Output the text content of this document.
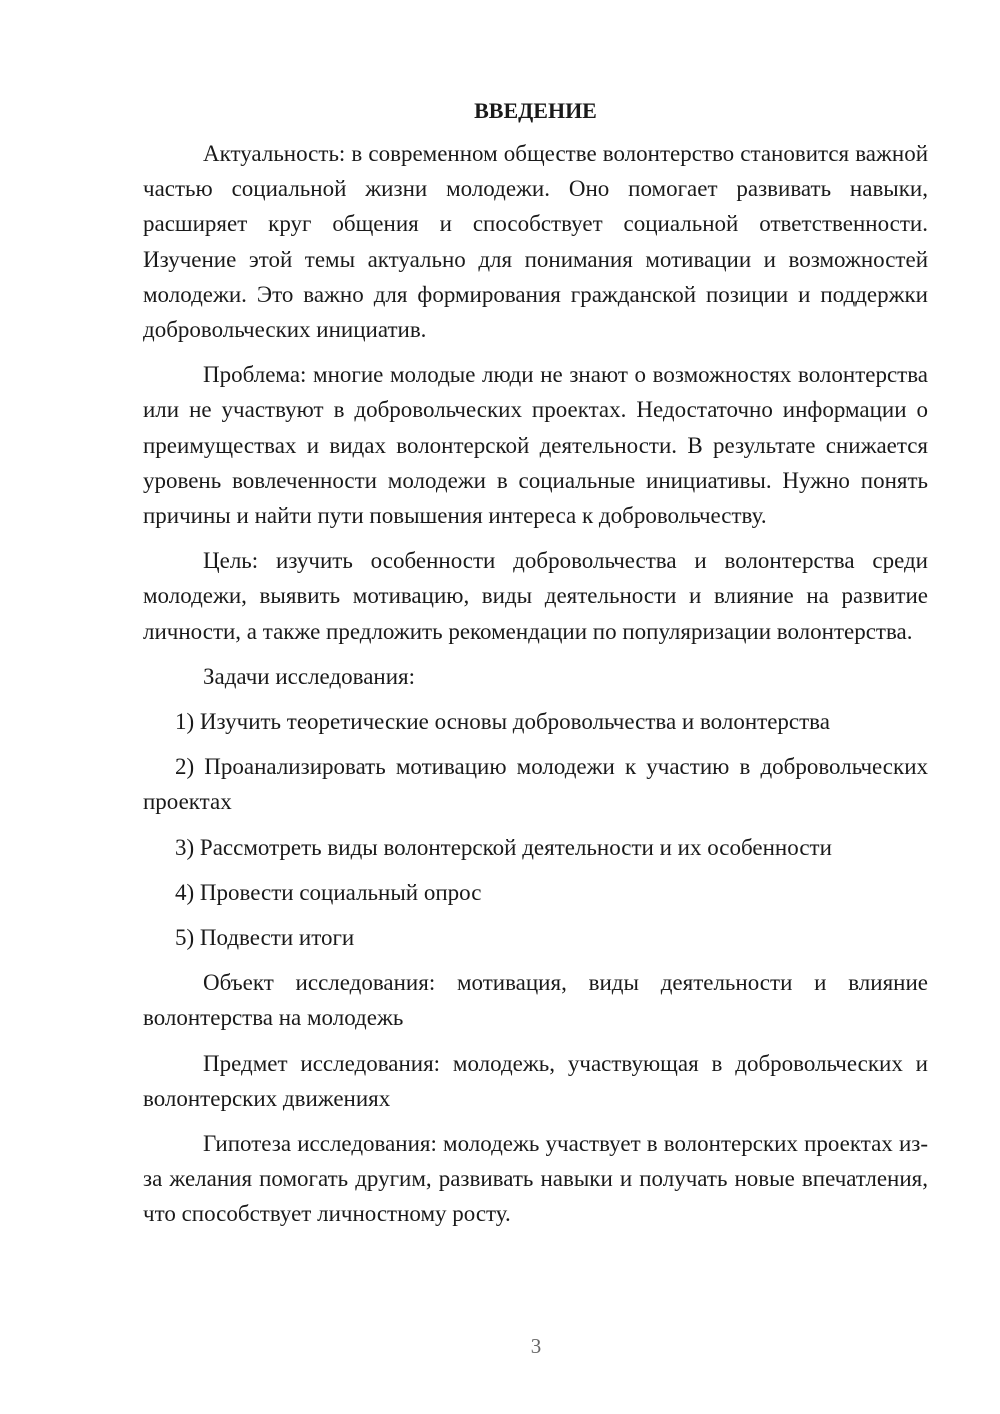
ВВЕДЕНИЕ

Актуальность: в современном обществе волонтерство становится важной частью социальной жизни молодежи. Оно помогает развивать навыки, расширяет круг общения и способствует социальной ответственности. Изучение этой темы актуально для понимания мотивации и возможностей молодежи. Это важно для формирования гражданской позиции и поддержки добровольческих инициатив.

Проблема: многие молодые люди не знают о возможностях волонтерства или не участвуют в добровольческих проектах. Недостаточно информации о преимуществах и видах волонтерской деятельности. В результате снижается уровень вовлеченности молодежи в социальные инициативы. Нужно понять причины и найти пути повышения интереса к добровольчеству.

Цель: изучить особенности добровольчества и волонтерства среди молодежи, выявить мотивацию, виды деятельности и влияние на развитие личности, а также предложить рекомендации по популяризации волонтерства.

Задачи исследования:

1) Изучить теоретические основы добровольчества и волонтерства

2) Проанализировать мотивацию молодежи к участию в добровольческих проектах

3) Рассмотреть виды волонтерской деятельности и их особенности

4) Провести социальный опрос

5) Подвести итоги

Объект исследования: мотивация, виды деятельности и влияние волонтерства на молодежь

Предмет исследования: молодежь, участвующая в добровольческих и волонтерских движениях

Гипотеза исследования: молодежь участвует в волонтерских проектах из-за желания помогать другим, развивать навыки и получать новые впечатления, что способствует личностному росту.

3
